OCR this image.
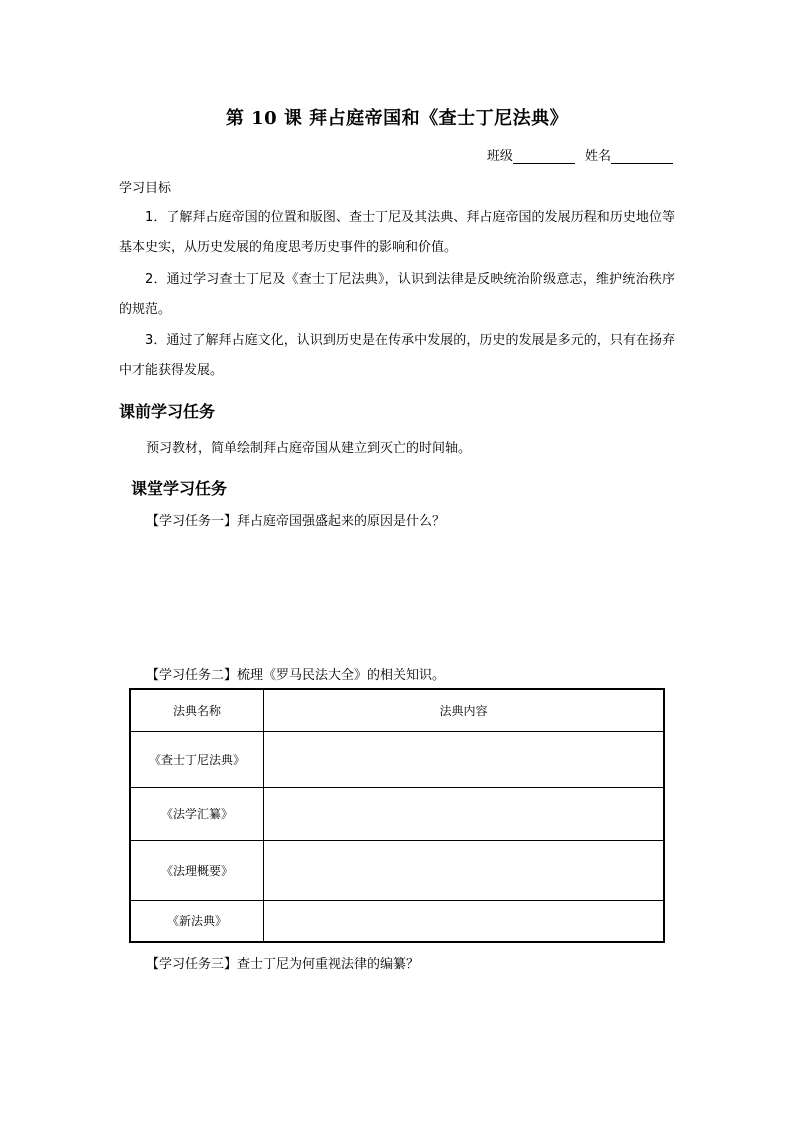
第 10 课 拜占庭帝国和《查士丁尼法典》
班级	姓名
学习目标
1．了解拜占庭帝国的位置和版图、查士丁尼及其法典、拜占庭帝国的发展历程和历史地位等基本史实，从历史发展的角度思考历史事件的影响和价值。
2．通过学习查士丁尼及《查士丁尼法典》，认识到法律是反映统治阶级意志，维护统治秩序的规范。
3．通过了解拜占庭文化，认识到历史是在传承中发展的，历史的发展是多元的，只有在扬弃中才能获得发展。
课前学习任务
预习教材，简单绘制拜占庭帝国从建立到灭亡的时间轴。
课堂学习任务
【学习任务一】拜占庭帝国强盛起来的原因是什么？
【学习任务二】梳理《罗马民法大全》的相关知识。
法典名称	法典内容
《查士丁尼法典》	
《法学汇纂》	
《法理概要》	
《新法典》	
【学习任务三】查士丁尼为何重视法律的编纂？
